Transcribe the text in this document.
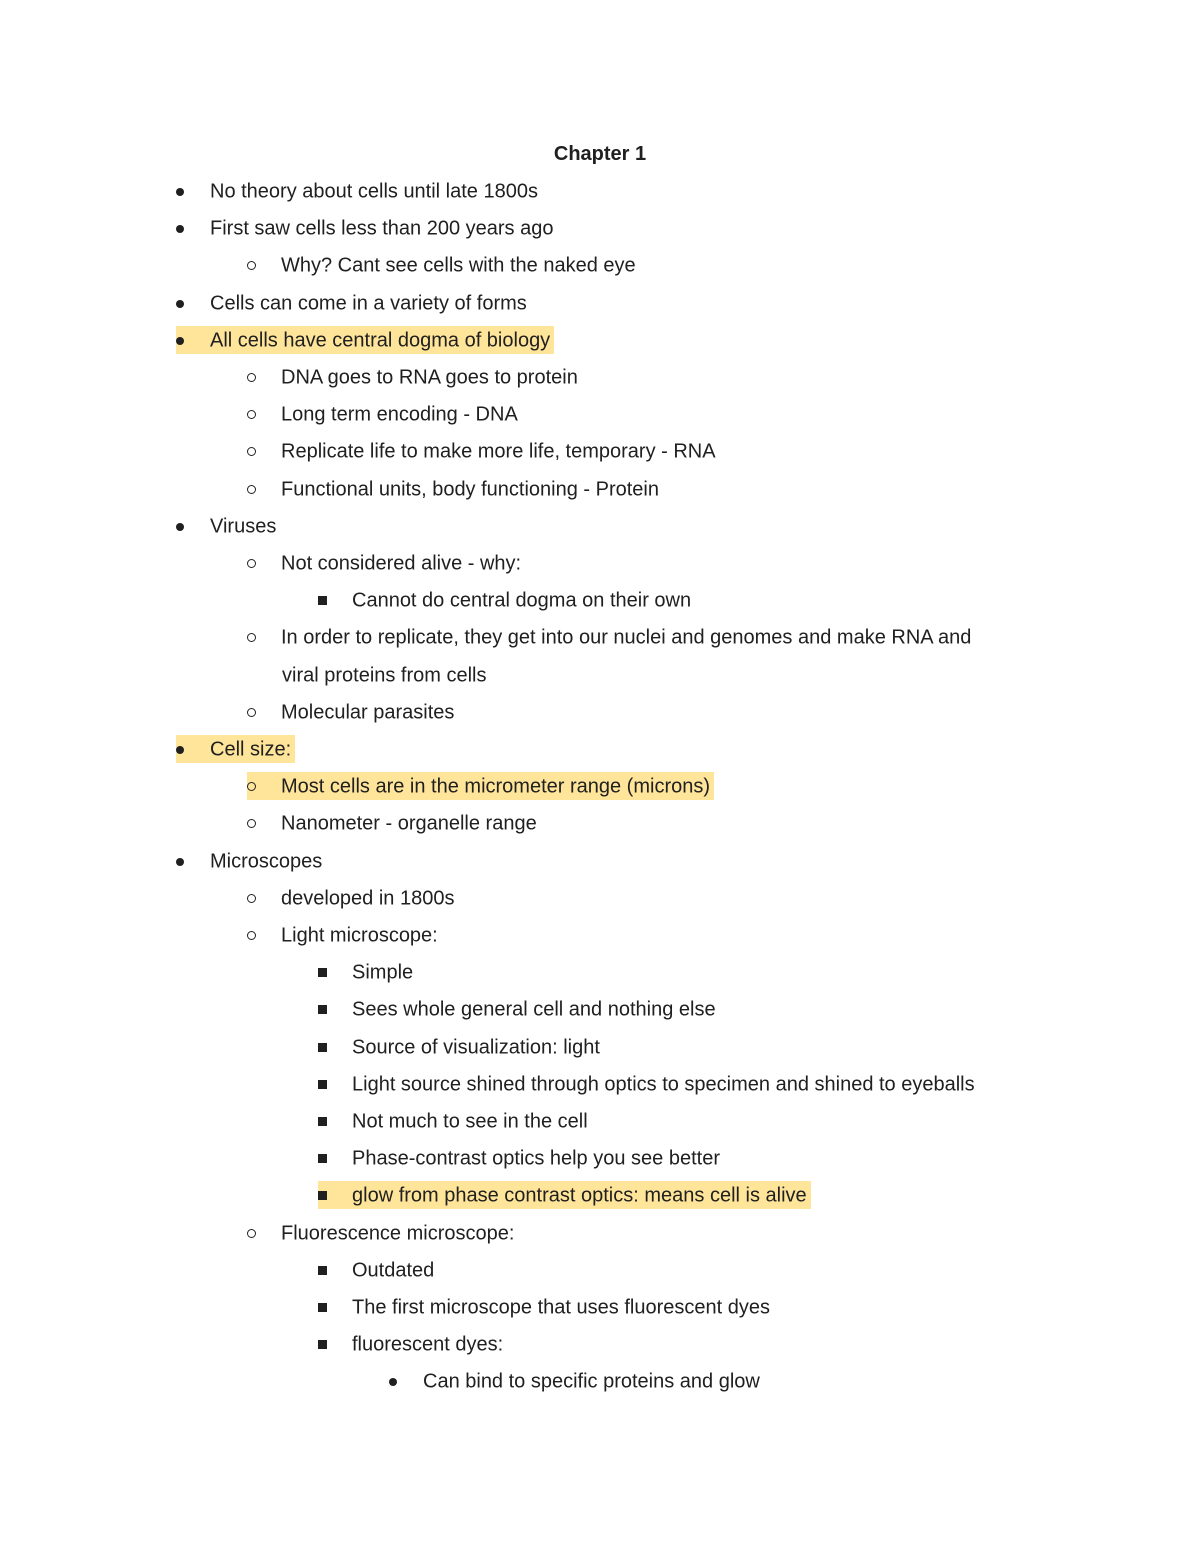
Chapter 1
No theory about cells until late 1800s
First saw cells less than 200 years ago
Why? Cant see cells with the naked eye
Cells can come in a variety of forms
All cells have central dogma of biology
DNA goes to RNA goes to protein
Long term encoding - DNA
Replicate life to make more life, temporary - RNA
Functional units, body functioning - Protein
Viruses
Not considered alive - why:
Cannot do central dogma on their own
In order to replicate, they get into our nuclei and genomes and make RNA and
viral proteins from cells
Molecular parasites
Cell size:
Most cells are in the micrometer range (microns)
Nanometer - organelle range
Microscopes
developed in 1800s
Light microscope:
Simple
Sees whole general cell and nothing else
Source of visualization: light
Light source shined through optics to specimen and shined to eyeballs
Not much to see in the cell
Phase-contrast optics help you see better
glow from phase contrast optics: means cell is alive
Fluorescence microscope:
Outdated
The first microscope that uses fluorescent dyes
fluorescent dyes:
Can bind to specific proteins and glow
